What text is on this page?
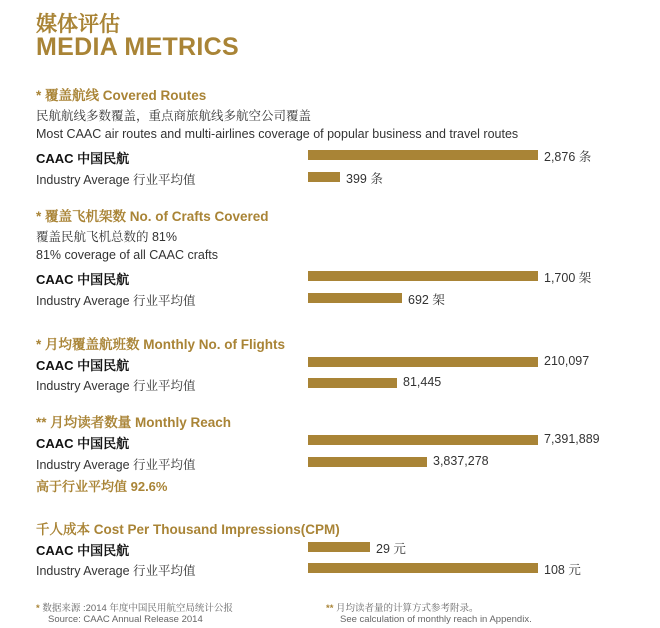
媒体评估
MEDIA METRICS
* 覆盖航线 Covered Routes
民航航线多数覆盖，重点商旅航线多航空公司覆盖
Most CAAC air routes and multi-airlines coverage of popular business and travel routes
CAAC 中国民航	2,876 条
Industry Average 行业平均值	399 条
* 覆盖飞机架数 No. of Crafts Covered
覆盖民航飞机总数的 81%
81% coverage of all CAAC crafts
CAAC 中国民航	1,700 架
Industry Average 行业平均值	692 架
* 月均覆盖航班数 Monthly No. of Flights
CAAC 中国民航	210,097
Industry Average 行业平均值	81,445
** 月均读者数量 Monthly Reach
CAAC 中国民航	7,391,889
Industry Average 行业平均值	3,837,278
高于行业平均值 92.6%
千人成本 Cost Per Thousand Impressions(CPM)
CAAC 中国民航	29 元
Industry Average 行业平均值	108 元
* 数据来源 :2014 年度中国民用航空局统计公报
Source: CAAC Annual Release 2014
** 月均读者量的计算方式参考附录。
See calculation of monthly reach in Appendix.
